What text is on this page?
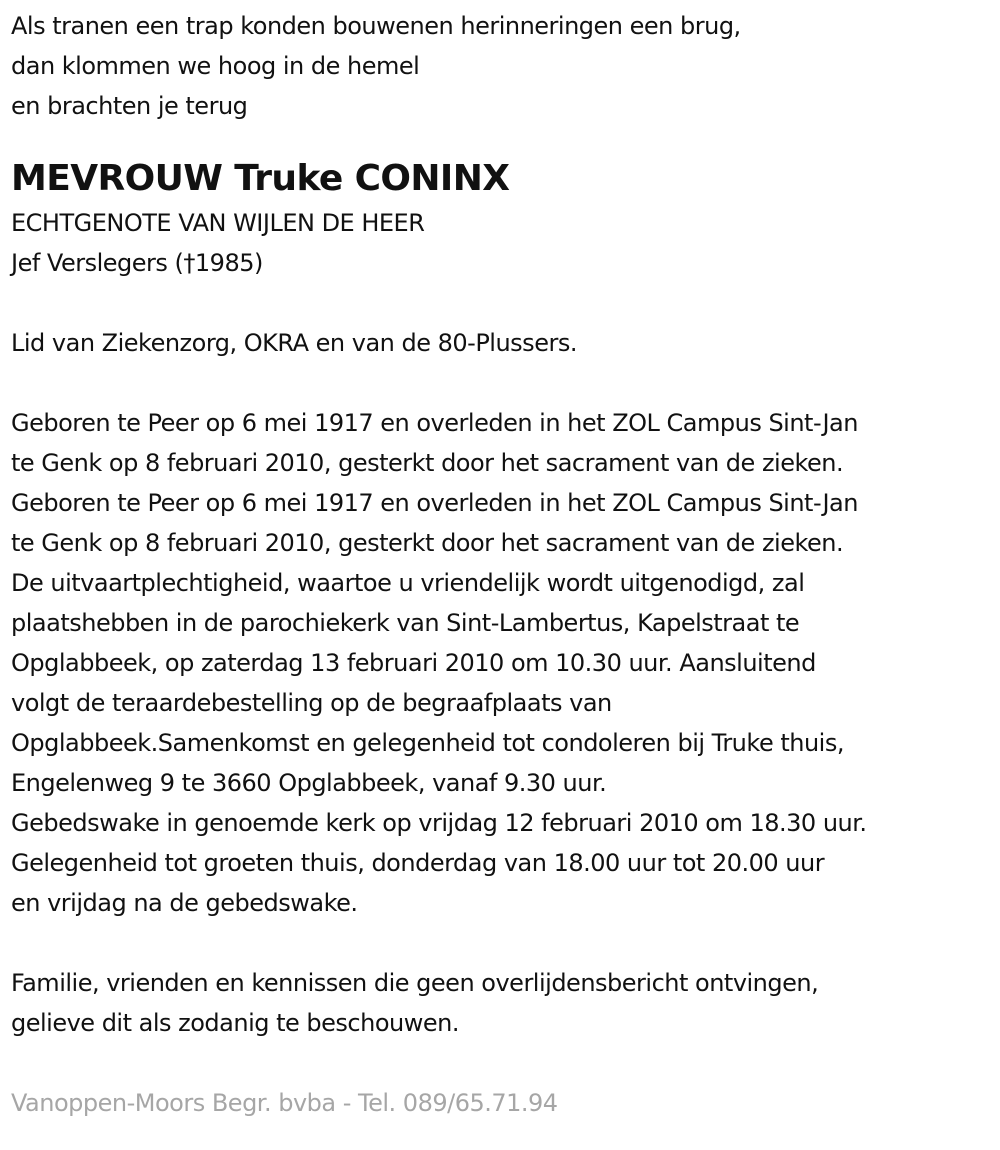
Als tranen een trap konden bouwenen herinneringen een brug,
dan klommen we hoog in de hemel
en brachten je terug
MEVROUW Truke CONINX
ECHTGENOTE VAN WIJLEN DE HEER
Jef Verslegers (†1985)
Lid van Ziekenzorg, OKRA en van de 80-Plussers.
Geboren te Peer op 6 mei 1917 en overleden in het ZOL Campus Sint-Jan
te Genk op 8 februari 2010, gesterkt door het sacrament van de zieken.
Geboren te Peer op 6 mei 1917 en overleden in het ZOL Campus Sint-Jan
te Genk op 8 februari 2010, gesterkt door het sacrament van de zieken.
De uitvaartplechtigheid, waartoe u vriendelijk wordt uitgenodigd, zal
plaatshebben in de parochiekerk van Sint-Lambertus, Kapelstraat te
Opglabbeek, op zaterdag 13 februari 2010 om 10.30 uur. Aansluitend
volgt de teraardebestelling op de begraafplaats van
Opglabbeek.Samenkomst en gelegenheid tot condoleren bij Truke thuis,
Engelenweg 9 te 3660 Opglabbeek, vanaf 9.30 uur.
Gebedswake in genoemde kerk op vrijdag 12 februari 2010 om 18.30 uur.
Gelegenheid tot groeten thuis, donderdag van 18.00 uur tot 20.00 uur
en vrijdag na de gebedswake.
Familie, vrienden en kennissen die geen overlijdensbericht ontvingen,
gelieve dit als zodanig te beschouwen.
Vanoppen-Moors Begr. bvba - Tel. 089/65.71.94
